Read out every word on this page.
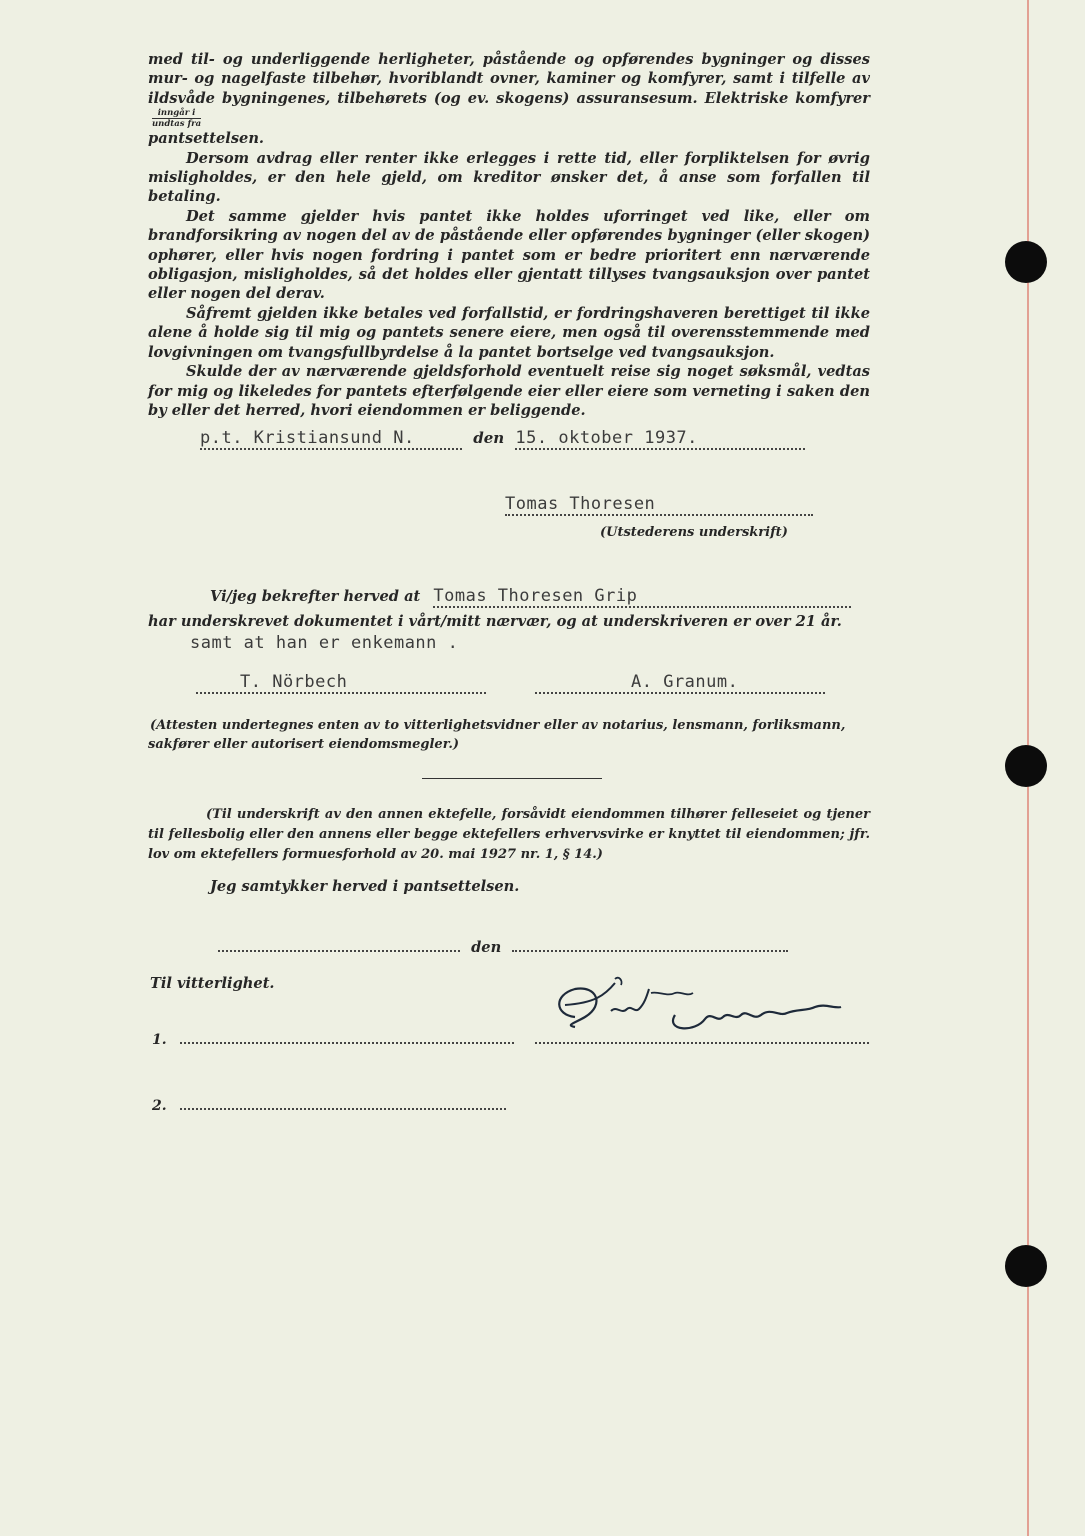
med til- og underliggende herligheter, påstående og opførendes bygninger og disses mur- og nagelfaste tilbehør, hvoriblandt ovner, kaminer og komfyrer, samt i tilfelle av ildsvåde bygningenes, tilbehørets (og ev. skogens) assuransesum. Elektriske komfyrer
$\frac{\text{inngår i}}{\text{undtas fra}}$

pantsettelsen.

Dersom avdrag eller renter ikke erlegges i rette tid, eller forpliktelsen for øvrig misligholdes, er den hele gjeld, om kreditor ønsker det, å anse som forfallen til betaling.

Det samme gjelder hvis pantet ikke holdes uforringet ved like, eller om brandforsikring av nogen del av de påstående eller opførendes bygninger (eller skogen) ophører, eller hvis nogen fordring i pantet som er bedre prioritert enn nærværende obligasjon, misligholdes, så det holdes eller gjentatt tillyses tvangsauksjon over pantet eller nogen del derav.

Såfremt gjelden ikke betales ved forfallstid, er fordringshaveren berettiget til ikke alene å holde sig til mig og pantets senere eiere, men også til overensstemmende med lovgivningen om tvangsfullbyrdelse å la pantet bortselge ved tvangsauksjon.

Skulde der av nærværende gjeldsforhold eventuelt reise sig noget søksmål, vedtas for mig og likeledes for pantets efterfølgende eier eller eiere som verneting i saken den by eller det herred, hvori eiendommen er beliggende.

p.t. Kristiansund N.	den 15. oktober 1937.
Tomas Thoresen
(Utstederens underskrift)
Vi/jeg bekrefter herved at Tomas Thoresen Grip
har underskrevet dokumentet i vårt/mitt nærvær, og at underskriveren er over 21 år.
samt at han er enkemann .
T. Nörbech	A. Granum.
(Attesten undertegnes enten av to vitterlighetsvidner eller av notarius, lensmann, forliksmann, sakfører eller autorisert eiendomsmegler.)
(Til underskrift av den annen ektefelle, forsåvidt eiendommen tilhører felleseiet og tjener til fellesbolig eller den annens eller begge ektefellers erhvervsvirke er knyttet til eiendommen; jfr. lov om ektefellers formuesforhold av 20. mai 1927 nr. 1, § 14.)
Jeg samtykker herved i pantsettelsen.
den
Til vitterlighet.
1.
2.
